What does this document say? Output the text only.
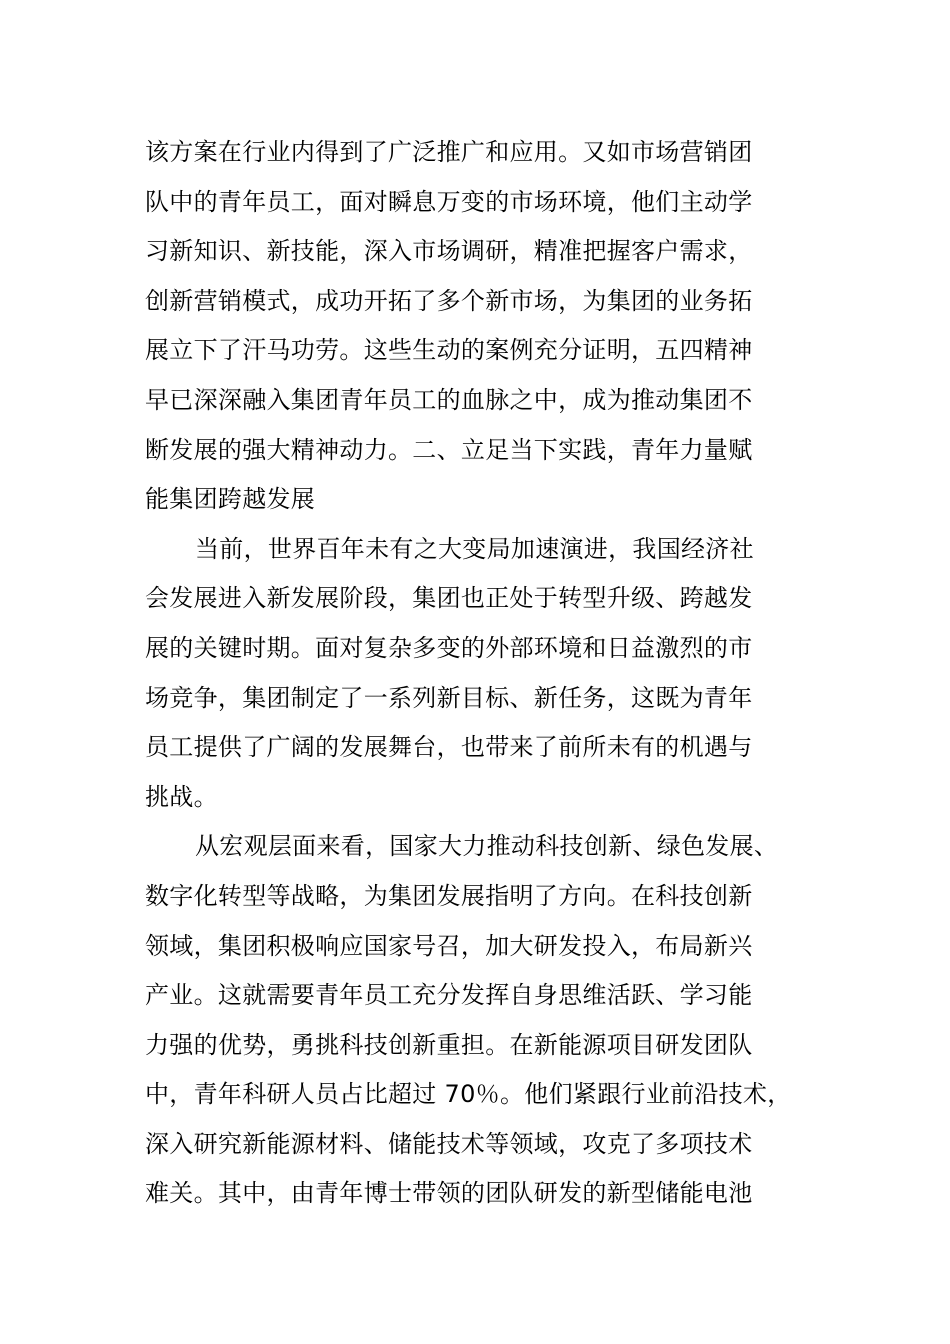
该方案在行业内得到了广泛推广和应用。又如市场营销团
队中的青年员工，面对瞬息万变的市场环境，他们主动学
习新知识、新技能，深入市场调研，精准把握客户需求，
创新营销模式，成功开拓了多个新市场，为集团的业务拓
展立下了汗马功劳。这些生动的案例充分证明，五四精神
早已深深融入集团青年员工的血脉之中，成为推动集团不
断发展的强大精神动力。二、立足当下实践，青年力量赋
能集团跨越发展
当前，世界百年未有之大变局加速演进，我国经济社
会发展进入新发展阶段，集团也正处于转型升级、跨越发
展的关键时期。面对复杂多变的外部环境和日益激烈的市
场竞争，集团制定了一系列新目标、新任务，这既为青年
员工提供了广阔的发展舞台，也带来了前所未有的机遇与
挑战。
从宏观层面来看，国家大力推动科技创新、绿色发展、
数字化转型等战略，为集团发展指明了方向。在科技创新
领域，集团积极响应国家号召，加大研发投入，布局新兴
产业。这就需要青年员工充分发挥自身思维活跃、学习能
力强的优势，勇挑科技创新重担。在新能源项目研发团队
中，青年科研人员占比超过 70％。他们紧跟行业前沿技术，
深入研究新能源材料、储能技术等领域，攻克了多项技术
难关。其中，由青年博士带领的团队研发的新型储能电池
